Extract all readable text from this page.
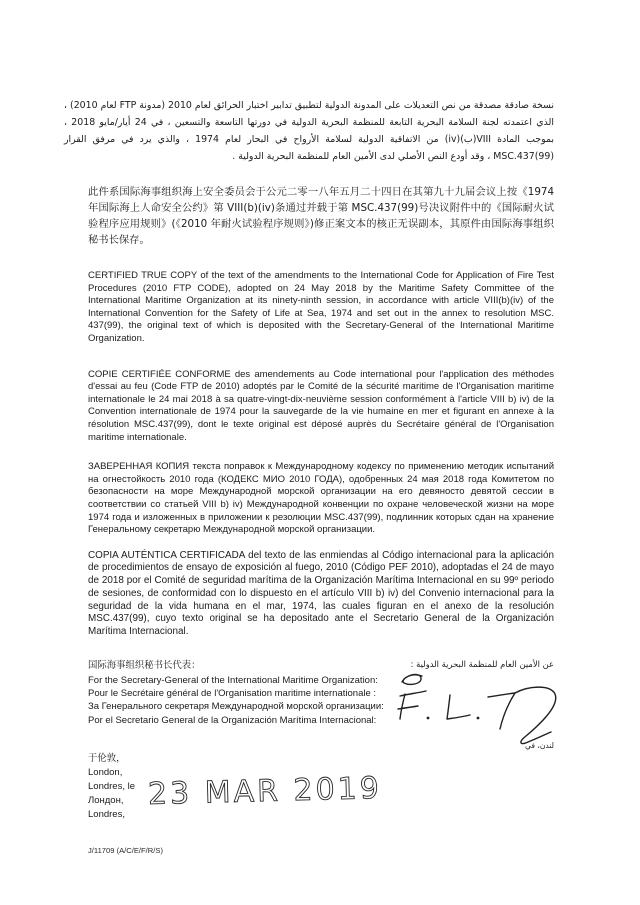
نسخة صادقة مصدقة من نص التعديلات على المدونة الدولية لتطبيق تدابير اختبار الحرائق لعام 2010 (مدونة FTP لعام 2010) ، الذي اعتمدته لجنة السلامة البحرية التابعة للمنظمة البحرية الدولية في دورتها التاسعة والتسعين ، في 24 أيار/مايو 2018 ، بموجب المادة VIII(ب)(iv) من الاتفاقية الدولية لسلامة الأرواح في البحار لعام 1974 ، والذي يرد في مرفق القرار MSC.437(99) ، وقد أودع النص الأصلي لدى الأمين العام للمنظمة البحرية الدولية .

此件系国际海事组织海上安全委员会于公元二零一八年五月二十四日在其第九十九届会议上按《1974 年国际海上人命安全公约》第 VIII(b)(iv)条通过并载于第 MSC.437(99)号决议附件中的《国际耐火试验程序应用规则》(《2010 年耐火试验程序规则》)修正案文本的核正无误副本，其原件由国际海事组织秘书长保存。

CERTIFIED TRUE COPY of the text of the amendments to the International Code for Application of Fire Test Procedures (2010 FTP CODE), adopted on 24 May 2018 by the Maritime Safety Committee of the International Maritime Organization at its ninety-ninth session, in accordance with article VIII(b)(iv) of the International Convention for the Safety of Life at Sea, 1974 and set out in the annex to resolution MSC. 437(99), the original text of which is deposited with the Secretary-General of the International Maritime Organization.

COPIE CERTIFIÉE CONFORME des amendements au Code international pour l'application des méthodes d'essai au feu (Code FTP de 2010) adoptés par le Comité de la sécurité maritime de l'Organisation maritime internationale le 24 mai 2018 à sa quatre-vingt-dix-neuvième session conformément à l'article VIII b) iv) de la Convention internationale de 1974 pour la sauvegarde de la vie humaine en mer et figurant en annexe à la résolution MSC.437(99), dont le texte original est déposé auprès du Secrétaire général de l'Organisation maritime internationale.

ЗАВЕРЕННАЯ КОПИЯ текста поправок к Международному кодексу по применению методик испытаний на огнестойкость 2010 года (КОДЕКС МИО 2010 ГОДА), одобренных 24 мая 2018 года Комитетом по безопасности на море Международной морской организации на его девяносто девятой сессии в соответствии со статьей VIII b) iv) Международной конвенции по охране человеческой жизни на море 1974 года и изложенных в приложении к резолюции MSC.437(99), подлинник которых сдан на хранение Генеральному секретарю Международной морской организации.

COPIA AUTÉNTICA CERTIFICADA del texto de las enmiendas al Código internacional para la aplicación de procedimientos de ensayo de exposición al fuego, 2010 (Código PEF 2010), adoptadas el 24 de mayo de 2018 por el Comité de seguridad marítima de la Organización Marítima Internacional en su 99º periodo de sesiones, de conformidad con lo dispuesto en el artículo VIII b) iv) del Convenio internacional para la seguridad de la vida humana en el mar, 1974, las cuales figuran en el anexo de la resolución MSC.437(99), cuyo texto original se ha depositado ante el Secretario General de la Organización Marítima Internacional.

国际海事组织秘书长代表：	عن الأمين العام للمنظمة البحرية الدولية :
For the Secretary-General of the International Maritime Organization:
Pour le Secrétaire général de l'Organisation maritime internationale :
За Генерального секретаря Международной морской организации:
Por el Secretario General de la Organización Marítima Internacional:
لندن، في
于伦敦，
London,
Londres, le
Лондон,
Londres,
23 MAR 2019
J/11709 (A/C/E/F/R/S)
